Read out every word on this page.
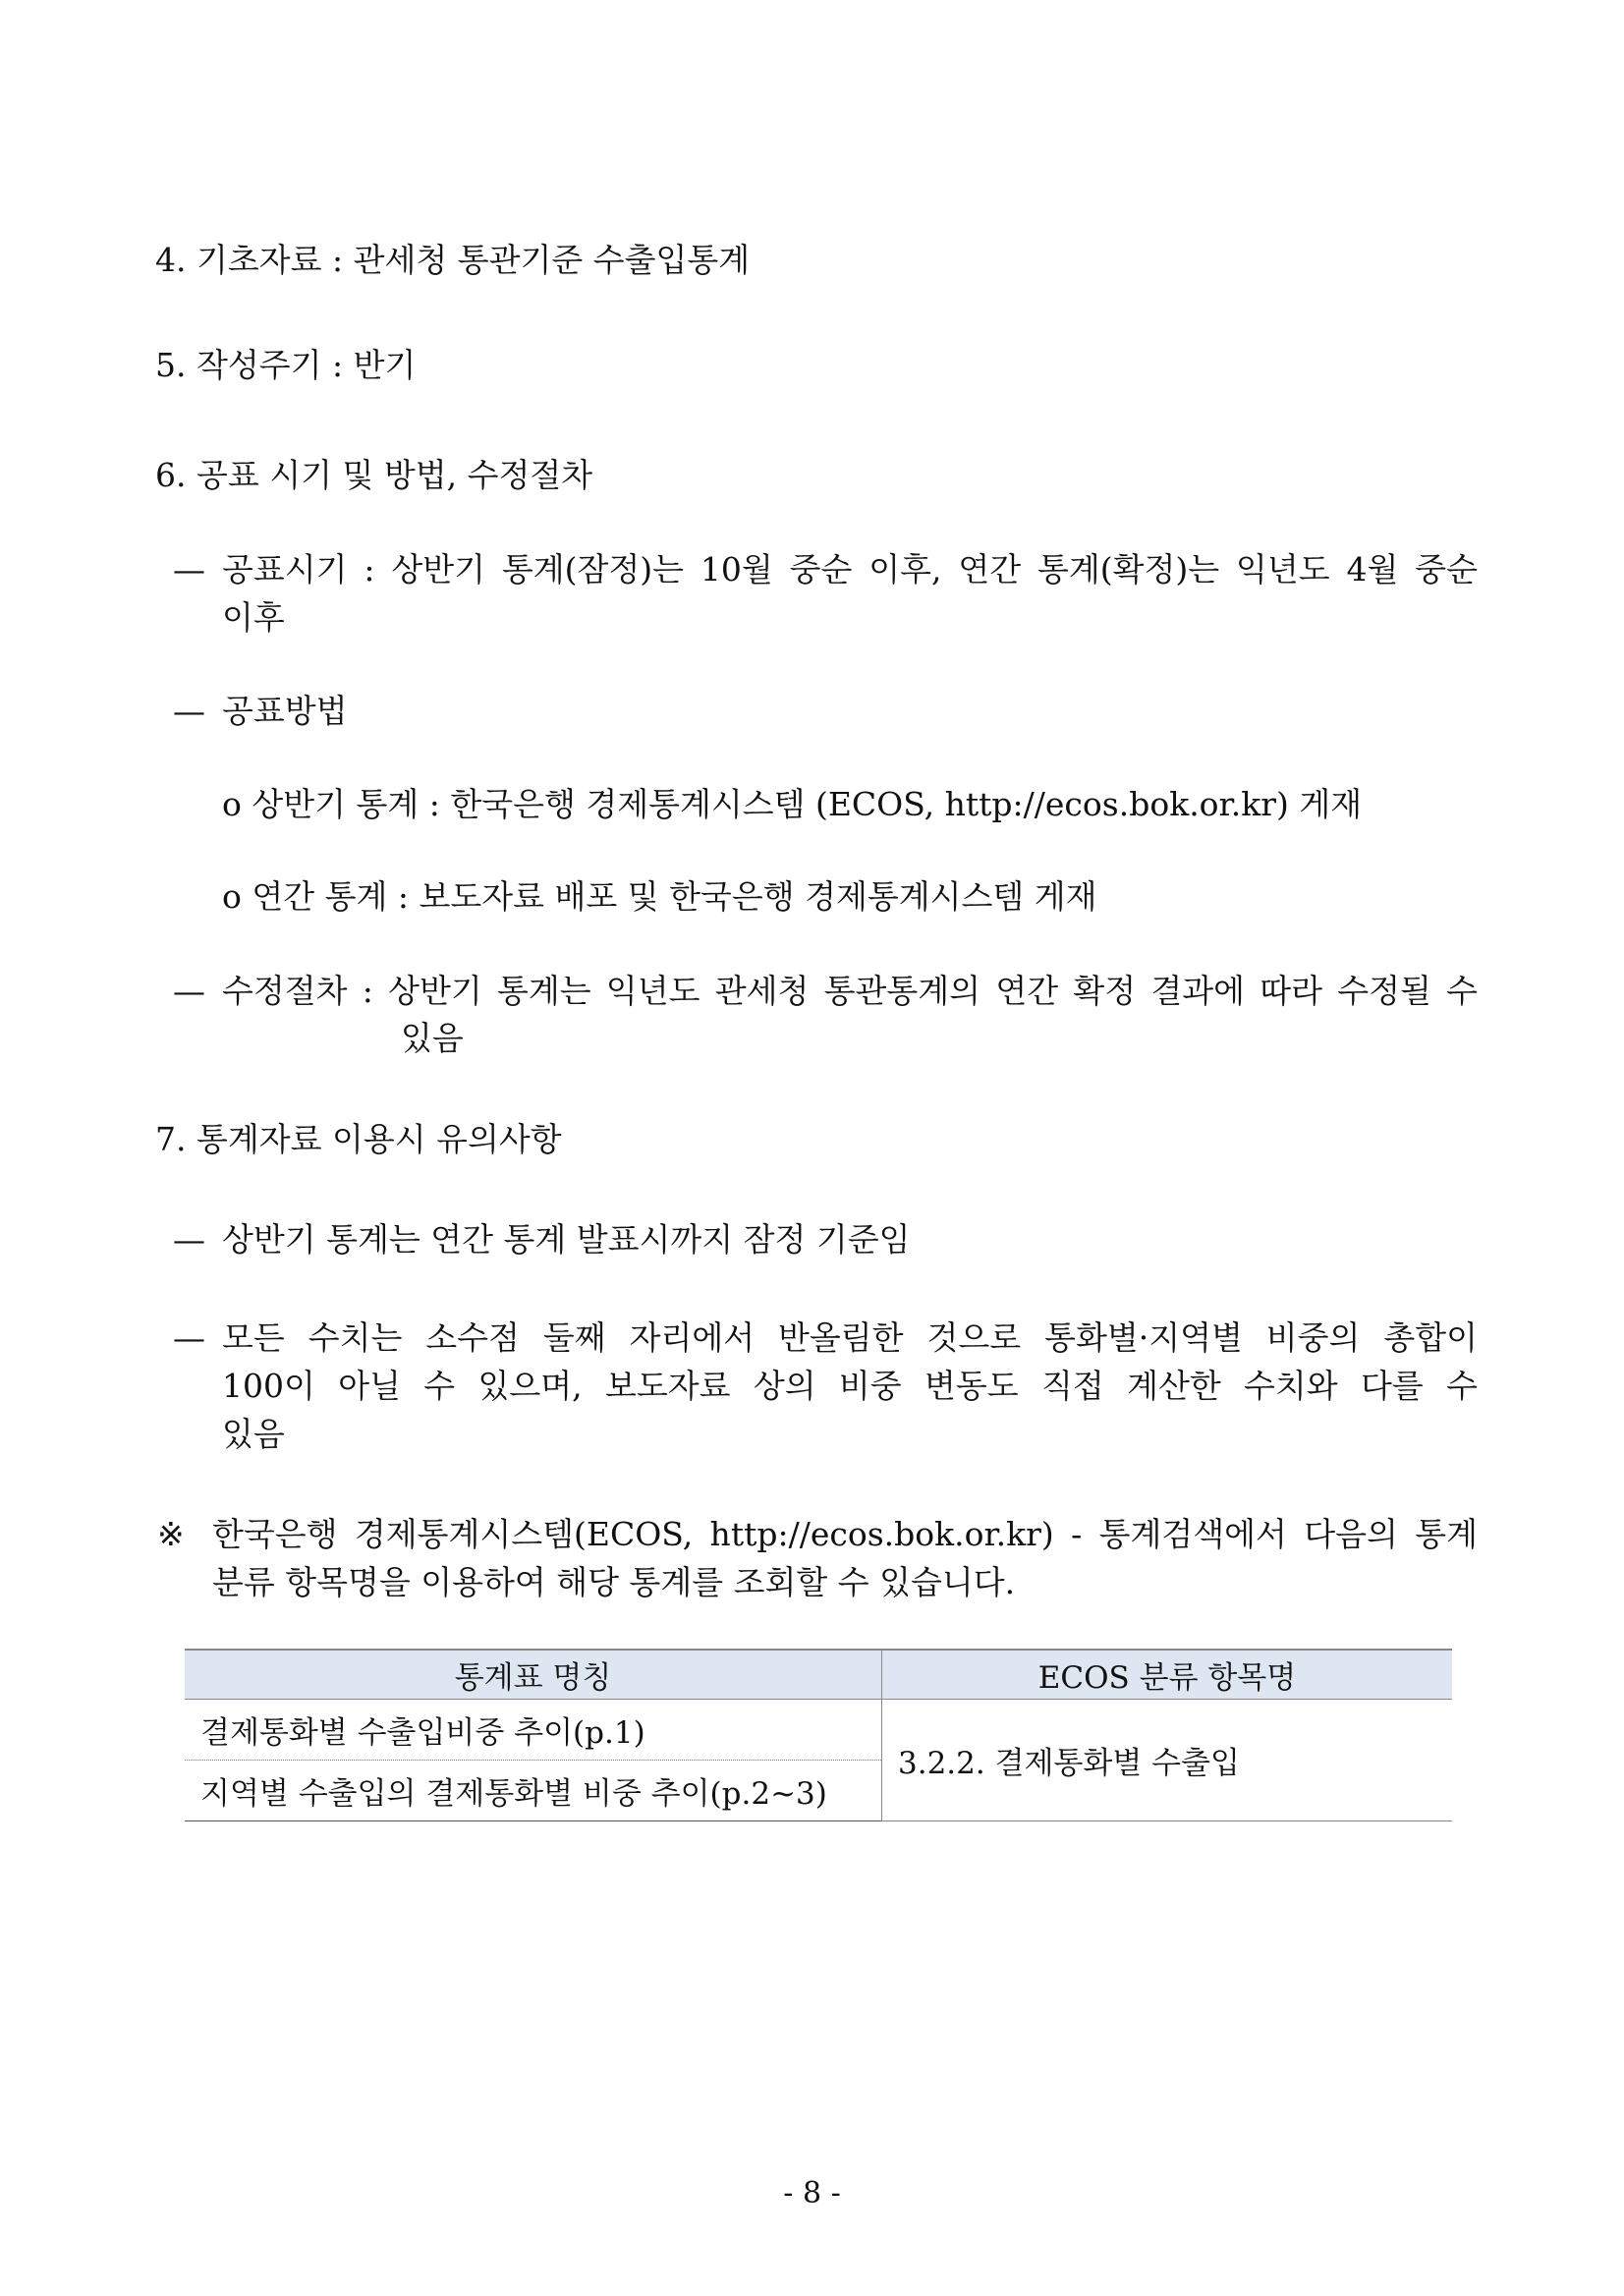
4. 기초자료 : 관세청 통관기준 수출입통계
5. 작성주기 : 반기
6. 공표 시기 및 방법, 수정절차
— 공표시기 : 상반기 통계(잠정)는 10월 중순 이후, 연간 통계(확정)는 익년도 4월 중순
이후
— 공표방법
o 상반기 통계 : 한국은행 경제통계시스템 (ECOS, http://ecos.bok.or.kr) 게재
o 연간 통계 : 보도자료 배포 및 한국은행 경제통계시스템 게재
— 수정절차 : 상반기 통계는 익년도 관세청 통관통계의 연간 확정 결과에 따라 수정될 수
있음
7. 통계자료 이용시 유의사항
— 상반기 통계는 연간 통계 발표시까지 잠정 기준임
— 모든 수치는 소수점 둘째 자리에서 반올림한 것으로 통화별·지역별 비중의 총합이
100이 아닐 수 있으며, 보도자료 상의 비중 변동도 직접 계산한 수치와 다를 수
있음
※ 한국은행 경제통계시스템(ECOS, http://ecos.bok.or.kr) - 통계검색에서 다음의 통계
분류 항목명을 이용하여 해당 통계를 조회할 수 있습니다.
통계표 명칭	ECOS 분류 항목명
결제통화별 수출입비중 추이(p.1)	3.2.2. 결제통화별 수출입
지역별 수출입의 결제통화별 비중 추이(p.2~3)	
- 8 -
